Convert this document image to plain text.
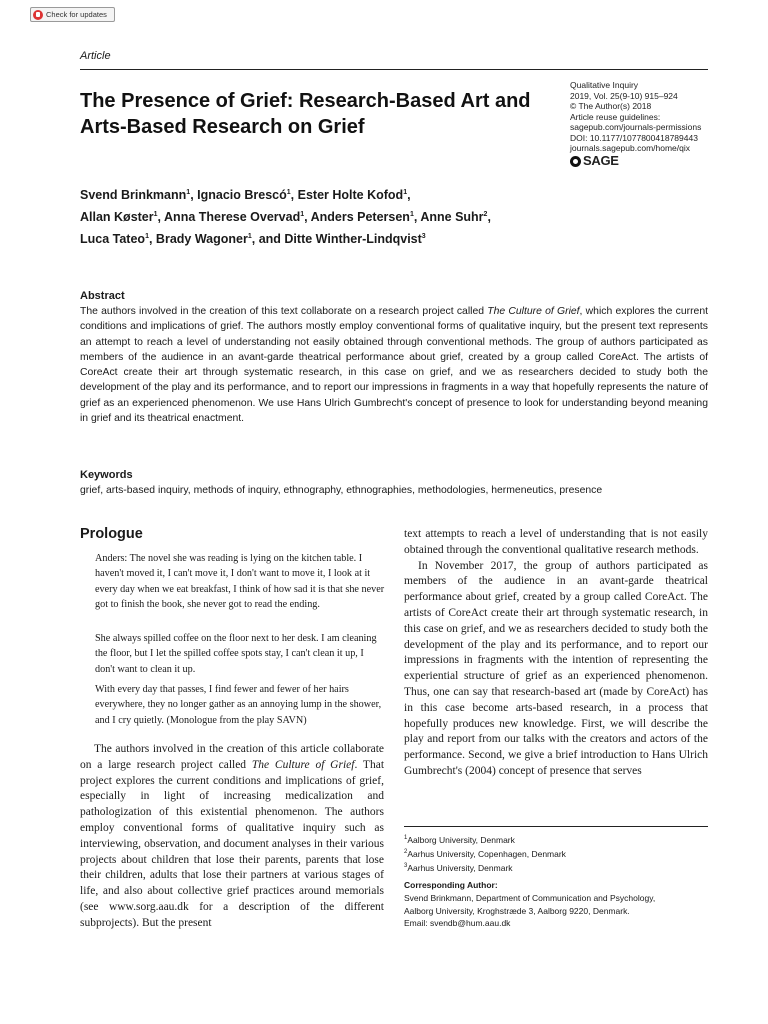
Check for updates
Article
The Presence of Grief: Research-Based Art and Arts-Based Research on Grief
Qualitative Inquiry
2019, Vol. 25(9-10) 915–924
© The Author(s) 2018
Article reuse guidelines:
sagepub.com/journals-permissions
DOI: 10.1177/1077800418789443
journals.sagepub.com/home/qix
SAGE

Svend Brinkmann$^1$, Ignacio Brescó$^1$, Ester Holte Kofod$^1$,
Allan Køster$^1$, Anna Therese Overvad$^1$, Anders Petersen$^1$, Anne Suhr$^2$,
Luca Tateo$^1$, Brady Wagoner$^1$, and Ditte Winther-Lindqvist$^3$

Abstract

The authors involved in the creation of this text collaborate on a research project called The Culture of Grief, which explores the current conditions and implications of grief. The authors mostly employ conventional forms of qualitative inquiry, but the present text represents an attempt to reach a level of understanding not easily obtained through conventional methods. The group of authors participated as members of the audience in an avant-garde theatrical performance about grief, created by a group called CoreAct. The artists of CoreAct create their art through systematic research, in this case on grief, and we as researchers decided to study both the development of the play and its performance, and to report our impressions in fragments in a way that hopefully represents the nature of grief as an experienced phenomenon. We use Hans Ulrich Gumbrecht's concept of presence to look for understanding beyond meaning in grief and its theatrical enactment.

Keywords
grief, arts-based inquiry, methods of inquiry, ethnography, ethnographies, methodologies, hermeneutics, presence
Prologue

Anders: The novel she was reading is lying on the kitchen table. I haven't moved it, I can't move it, I don't want to move it, I look at it every day when we eat breakfast, I think of how sad it is that she never got to finish the book, she never got to read the ending.

She always spilled coffee on the floor next to her desk. I am cleaning the floor, but I let the spilled coffee spots stay, I can't clean it up, I don't want to clean it up.

With every day that passes, I find fewer and fewer of her hairs everywhere, they no longer gather as an annoying lump in the shower, and I cry quietly. (Monologue from the play SAVN)

The authors involved in the creation of this article collaborate on a large research project called The Culture of Grief. That project explores the current conditions and implications of grief, especially in light of increasing medicalization and pathologization of this existential phenomenon. The authors employ conventional forms of qualitative inquiry such as interviewing, observation, and document analyses in their various projects about children that lose their parents, parents that lose their children, adults that lose their partners at various stages of life, and also about collective grief practices around memorials (see www.sorg.aau.dk for a description of the different subprojects). But the present

text attempts to reach a level of understanding that is not easily obtained through the conventional qualitative research methods.

In November 2017, the group of authors participated as members of the audience in an avant-garde theatrical performance about grief, created by a group called CoreAct. The artists of CoreAct create their art through systematic research, in this case on grief, and we as researchers decided to study both the development of the play and its performance, and to report our impressions in fragments with the intention of representing the experiential structure of grief as an experienced phenomenon. Thus, one can say that research-based art (made by CoreAct) has in this case become arts-based research, in a process that hopefully produces new knowledge. First, we will describe the play and report from our talks with the creators and actors of the performance. Second, we give a brief introduction to Hans Ulrich Gumbrecht's (2004) concept of presence that serves

$^1$Aalborg University, Denmark
$^2$Aarhus University, Copenhagen, Denmark
$^3$Aarhus University, Denmark
Corresponding Author:
Svend Brinkmann, Department of Communication and Psychology,
Aalborg University, Kroghstræde 3, Aalborg 9220, Denmark.
Email: svendb@hum.aau.dk
